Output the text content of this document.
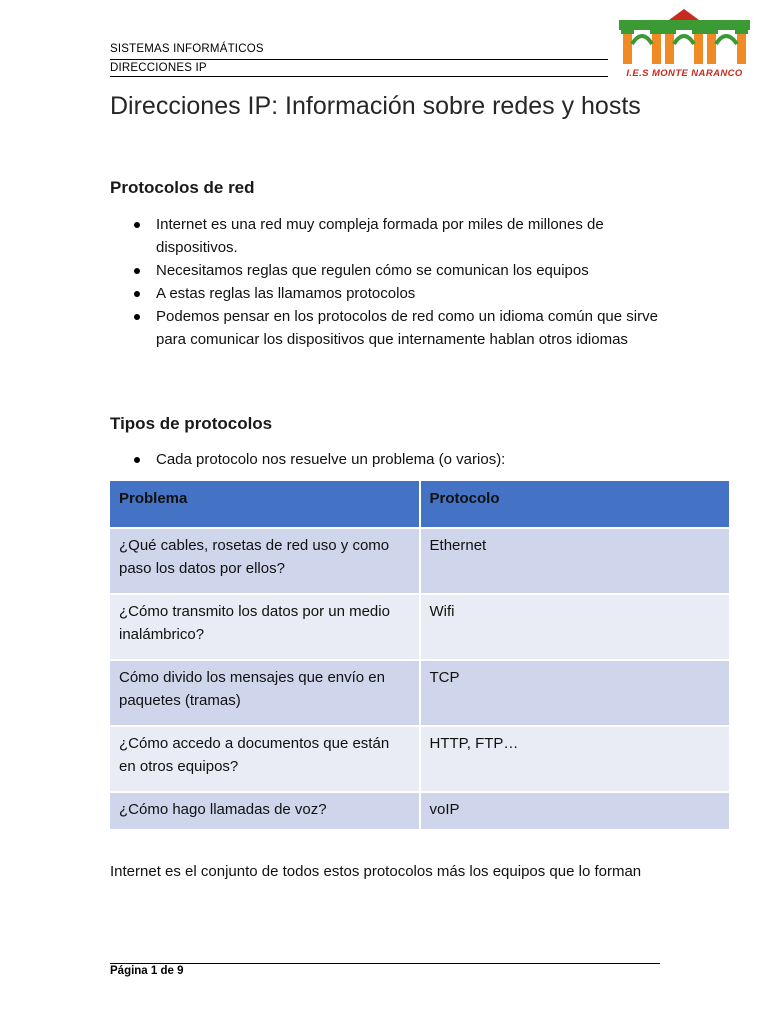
SISTEMAS INFORMÁTICOS
DIRECCIONES IP	I.E.S MONTE NARANCO
Direcciones IP: Información sobre redes y hosts
Protocolos de red
Internet es una red muy compleja formada por miles de millones de dispositivos.
Necesitamos reglas que regulen cómo se comunican los equipos
A estas reglas las llamamos protocolos
Podemos pensar en los protocolos de red como un idioma común que sirve para comunicar los dispositivos que internamente hablan otros idiomas
Tipos de protocolos
Cada protocolo nos resuelve un problema (o varios):
Problema	Protocolo
¿Qué cables, rosetas de red uso y como paso los datos por ellos?	Ethernet
¿Cómo transmito los datos por un medio inalámbrico?	Wifi
Cómo divido los mensajes que envío en paquetes (tramas)	TCP
¿Cómo accedo a documentos que están en otros equipos?	HTTP, FTP…
¿Cómo hago llamadas de voz?	voIP

Internet es el conjunto de todos estos protocolos más los equipos que lo forman

Página 1 de 9
